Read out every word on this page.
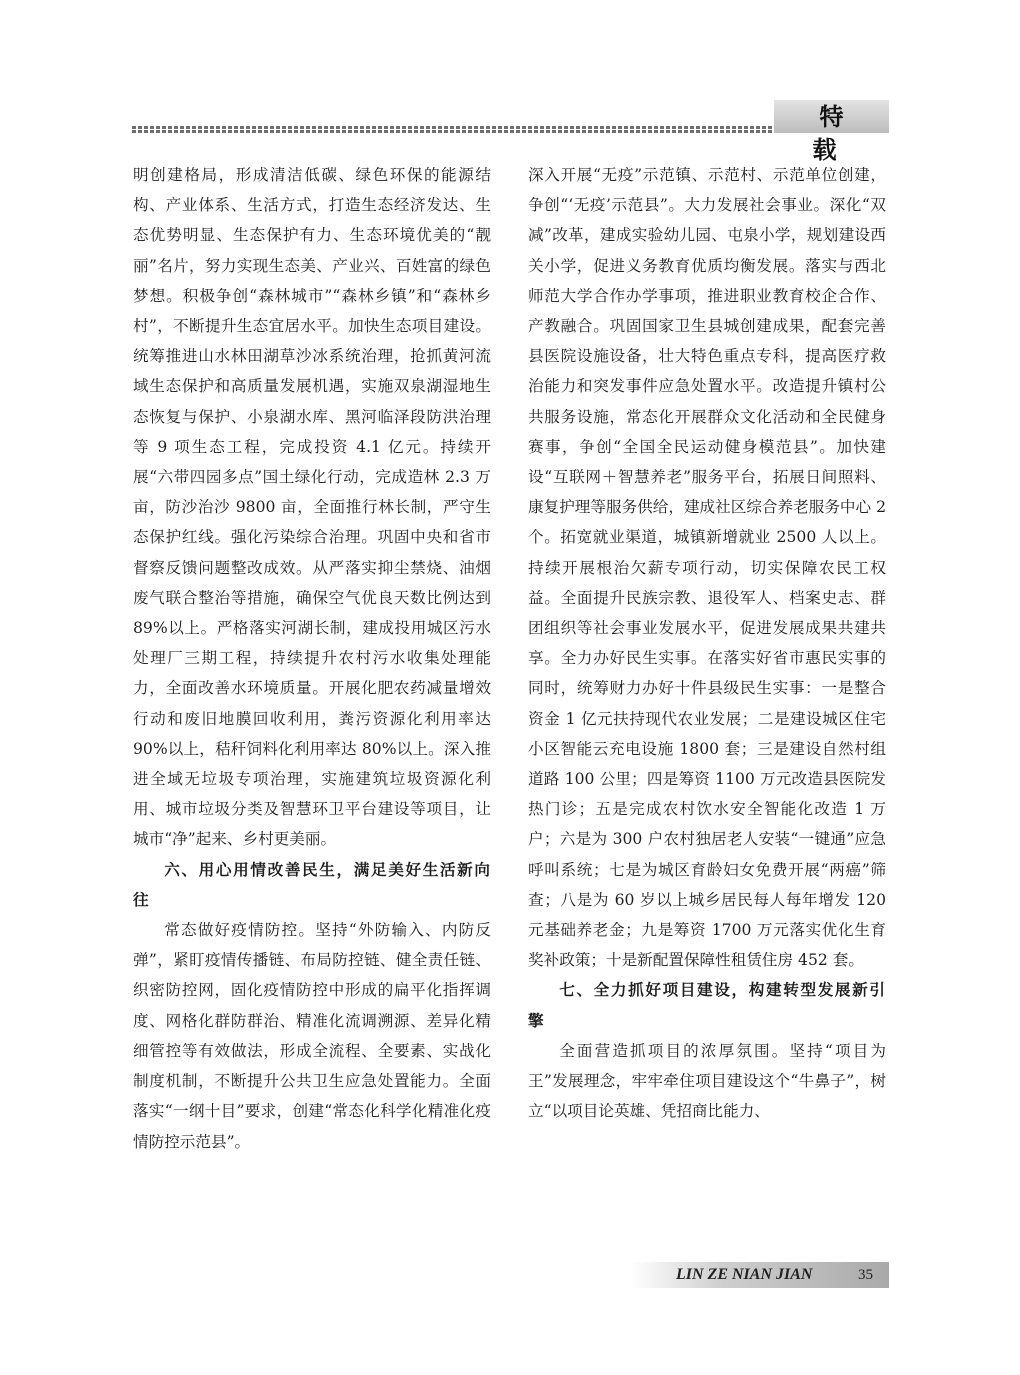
特　载

明创建格局，形成清洁低碳、绿色环保的能源结构、产业体系、生活方式，打造生态经济发达、生态优势明显、生态保护有力、生态环境优美的“靓丽”名片，努力实现生态美、产业兴、百姓富的绿色梦想。积极争创“森林城市”“森林乡镇”和“森林乡村”，不断提升生态宜居水平。加快生态项目建设。统筹推进山水林田湖草沙冰系统治理，抢抓黄河流域生态保护和高质量发展机遇，实施双泉湖湿地生态恢复与保护、小泉湖水库、黑河临泽段防洪治理等 9 项生态工程，完成投资 4.1 亿元。持续开展“六带四园多点”国土绿化行动，完成造林 2.3 万亩，防沙治沙 9800 亩，全面推行林长制，严守生态保护红线。强化污染综合治理。巩固中央和省市督察反馈问题整改成效。从严落实抑尘禁烧、油烟废气联合整治等措施，确保空气优良天数比例达到 89%以上。严格落实河湖长制，建成投用城区污水处理厂三期工程，持续提升农村污水收集处理能力，全面改善水环境质量。开展化肥农药减量增效行动和废旧地膜回收利用，粪污资源化利用率达 90%以上，秸秆饲料化利用率达 80%以上。深入推进全域无垃圾专项治理，实施建筑垃圾资源化利用、城市垃圾分类及智慧环卫平台建设等项目，让城市“净”起来、乡村更美丽。

六、用心用情改善民生，满足美好生活新向往

常态做好疫情防控。坚持“外防输入、内防反弹”，紧盯疫情传播链、布局防控链、健全责任链、织密防控网，固化疫情防控中形成的扁平化指挥调度、网格化群防群治、精准化流调溯源、差异化精细管控等有效做法，形成全流程、全要素、实战化制度机制，不断提升公共卫生应急处置能力。全面落实“一纲十目”要求，创建“常态化科学化精准化疫情防控示范县”。

深入开展“无疫”示范镇、示范村、示范单位创建，争创“‘无疫’示范县”。大力发展社会事业。深化“双减”改革，建成实验幼儿园、屯泉小学，规划建设西关小学，促进义务教育优质均衡发展。落实与西北师范大学合作办学事项，推进职业教育校企合作、产教融合。巩固国家卫生县城创建成果，配套完善县医院设施设备，壮大特色重点专科，提高医疗救治能力和突发事件应急处置水平。改造提升镇村公共服务设施，常态化开展群众文化活动和全民健身赛事，争创“全国全民运动健身模范县”。加快建设“互联网＋智慧养老”服务平台，拓展日间照料、康复护理等服务供给，建成社区综合养老服务中心 2 个。拓宽就业渠道，城镇新增就业 2500 人以上。持续开展根治欠薪专项行动，切实保障农民工权益。全面提升民族宗教、退役军人、档案史志、群团组织等社会事业发展水平，促进发展成果共建共享。全力办好民生实事。在落实好省市惠民实事的同时，统筹财力办好十件县级民生实事：一是整合资金 1 亿元扶持现代农业发展；二是建设城区住宅小区智能云充电设施 1800 套；三是建设自然村组道路 100 公里；四是筹资 1100 万元改造县医院发热门诊；五是完成农村饮水安全智能化改造 1 万户；六是为 300 户农村独居老人安装“一键通”应急呼叫系统；七是为城区育龄妇女免费开展“两癌”筛查；八是为 60 岁以上城乡居民每人每年增发 120 元基础养老金；九是筹资 1700 万元落实优化生育奖补政策；十是新配置保障性租赁住房 452 套。

七、全力抓好项目建设，构建转型发展新引擎

全面营造抓项目的浓厚氛围。坚持“项目为王”发展理念，牢牢牵住项目建设这个“牛鼻子”，树立“以项目论英雄、凭招商比能力、

LIN ZE NIAN JIAN	35
